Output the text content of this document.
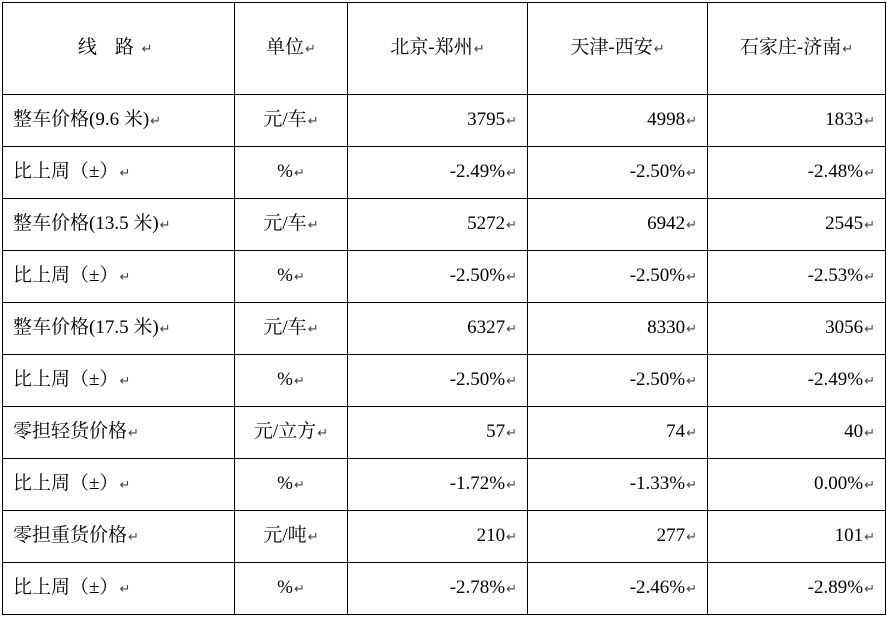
线 路↵	单位↵	北京-郑州↵	天津-西安↵	石家庄-济南↵
整车价格(9.6 米)↵	元/车↵	3795↵	4998↵	1833↵
比上周（±）↵	%↵	-2.49%↵	-2.50%↵	-2.48%↵
整车价格(13.5 米)↵	元/车↵	5272↵	6942↵	2545↵
比上周（±）↵	%↵	-2.50%↵	-2.50%↵	-2.53%↵
整车价格(17.5 米)↵	元/车↵	6327↵	8330↵	3056↵
比上周（±）↵	%↵	-2.50%↵	-2.50%↵	-2.49%↵
零担轻货价格↵	元/立方↵	57↵	74↵	40↵
比上周（±）↵	%↵	-1.72%↵	-1.33%↵	0.00%↵
零担重货价格↵	元/吨↵	210↵	277↵	101↵
比上周（±）↵	%↵	-2.78%↵	-2.46%↵	-2.89%↵
